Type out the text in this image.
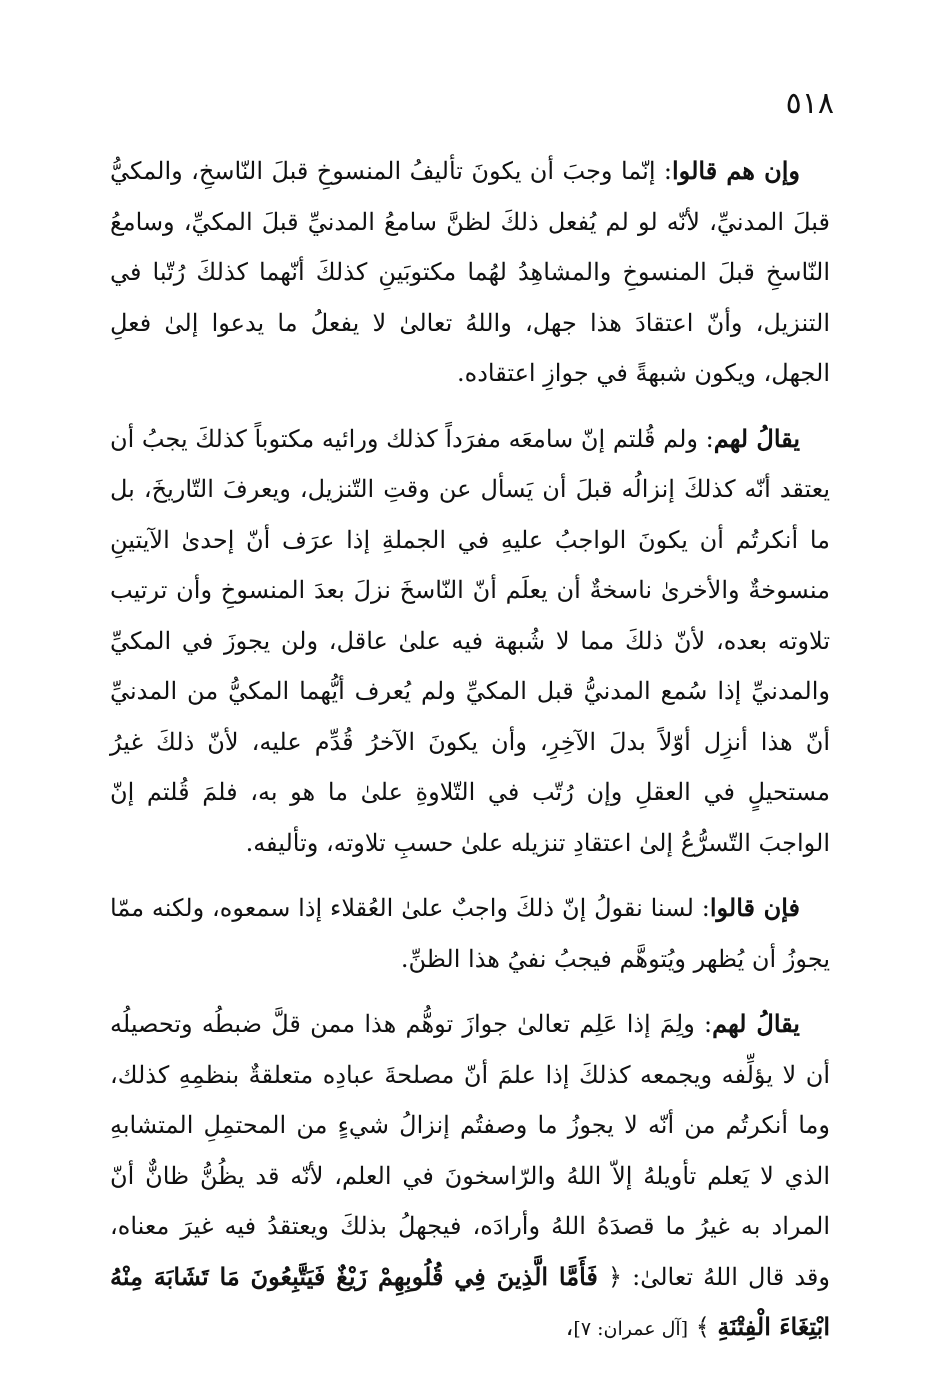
٥١٨

وإن هم قالوا: إنّما وجبَ أن يكونَ تأليفُ المنسوخِ قبلَ النّاسخِ، والمكيُّ قبلَ المدنيِّ، لأنّه لو لم يُفعل ذلكَ لظنَّ سامعُ المدنيِّ قبلَ المكيِّ، وسامعُ النّاسخِ قبلَ المنسوخِ والمشاهِدُ لهُما مكتوبَينِ كذلكَ أنّهما كذلكَ رُتّبا في التنزيل، وأنّ اعتقادَ هذا جهل، واللهُ تعالىٰ لا يفعلُ ما يدعوا إلىٰ فعلِ الجهل، ويكون شبهةً في جوازِ اعتقاده.

يقالُ لهم: ولم قُلتم إنّ سامعَه مفرَداً كذلك ورائيه مكتوباً كذلكَ يجبُ أن يعتقد أنّه كذلكَ إنزالُه قبلَ أن يَسأل عن وقتِ التّنزيل، ويعرفَ التّاريخَ، بل ما أنكرتُم أن يكونَ الواجبُ عليهِ في الجملةِ إذا عرَف أنّ إحدىٰ الآيتينِ منسوخةٌ والأخرىٰ ناسخةٌ أن يعلَم أنّ النّاسخَ نزلَ بعدَ المنسوخِ وأن ترتيب تلاوته بعده، لأنّ ذلكَ مما لا شُبهة فيه علىٰ عاقل، ولن يجوزَ في المكيِّ والمدنيِّ إذا سُمع المدنيُّ قبل المكيِّ ولم يُعرف أيُّهما المكيُّ من المدنيِّ أنّ هذا أنزِل أوّلاً بدلَ الآخِرِ، وأن يكونَ الآخرُ قُدِّم عليه، لأنّ ذلكَ غيرُ مستحيلٍ في العقلِ وإن رُتّب في التّلاوةِ علىٰ ما هو به، فلمَ قُلتم إنّ الواجبَ التّسرُّعُ إلىٰ اعتقادِ تنزيله علىٰ حسبِ تلاوته، وتأليفه.

فإن قالوا: لسنا نقولُ إنّ ذلكَ واجبٌ علىٰ العُقلاء إذا سمعوه، ولكنه ممّا يجوزُ أن يُظهر ويُتوهَّم فيجبُ نفيُ هذا الظنِّ.

يقالُ لهم: ولِمَ إذا عَلِم تعالىٰ جوازَ توهُّم هذا ممن قلَّ ضبطُه وتحصيلُه أن لا يؤلِّفه ويجمعه كذلكَ إذا علمَ أنّ مصلحةَ عبادِه متعلقةٌ بنظمِهِ كذلك، وما أنكرتُم من أنّه لا يجوزُ ما وصفتُم إنزالُ شيءٍ من المحتمِلِ المتشابهِ الذي لا يَعلم تأويلهُ إلاّ اللهُ والرّاسخونَ في العلم، لأنّه قد يظُنُّ ظانٌّ أنّ المراد به غيرُ ما قصدَهُ اللهُ وأرادَه، فيجهلُ بذلكَ ويعتقدُ فيه غيرَ معناه، وقد قال اللهُ تعالىٰ: ﴿ فَأَمَّا الَّذِينَ فِي قُلُوبِهِمْ زَيْغٌ فَيَتَّبِعُونَ مَا تَشَابَهَ مِنْهُ ابْتِغَاءَ الْفِتْنَةِ ﴾ [آل عمران: ٧]،
